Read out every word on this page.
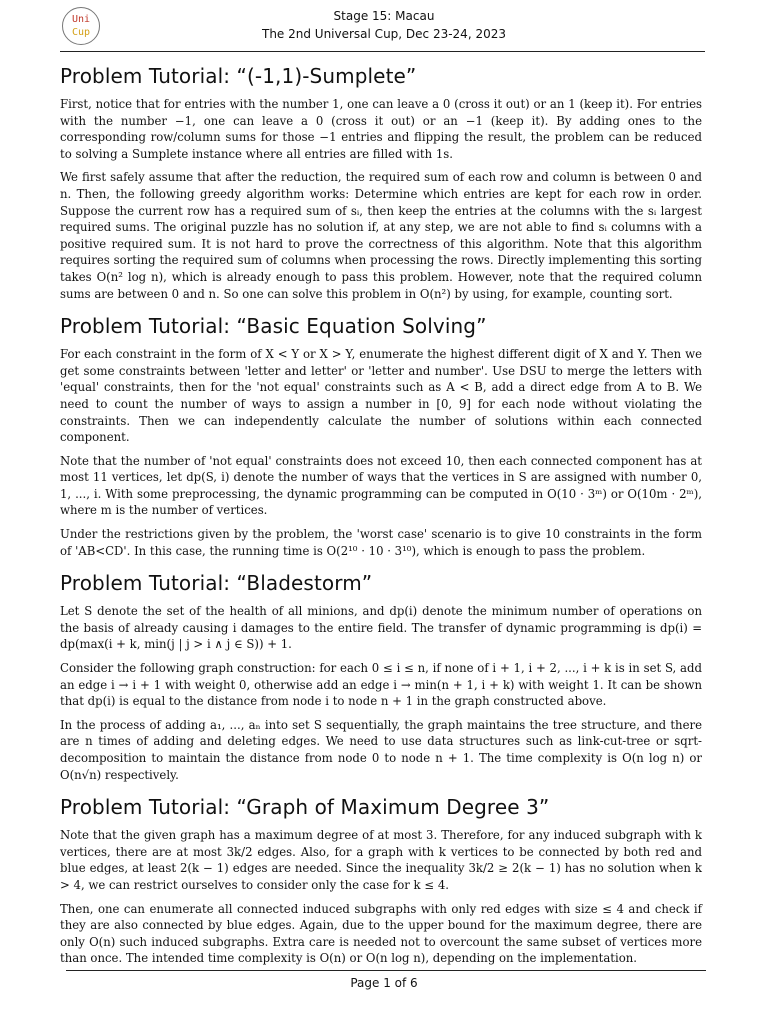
Uni
Cup
Stage 15: Macau
The 2nd Universal Cup, Dec 23-24, 2023
Problem Tutorial: “(-1,1)-Sumplete”

First, notice that for entries with the number 1, one can leave a 0 (cross it out) or an 1 (keep it). For entries with the number −1, one can leave a 0 (cross it out) or an −1 (keep it). By adding ones to the corresponding row/column sums for those −1 entries and flipping the result, the problem can be reduced to solving a Sumplete instance where all entries are filled with 1s.

We first safely assume that after the reduction, the required sum of each row and column is between 0 and n. Then, the following greedy algorithm works: Determine which entries are kept for each row in order. Suppose the current row has a required sum of sᵢ, then keep the entries at the columns with the sᵢ largest required sums. The original puzzle has no solution if, at any step, we are not able to find sᵢ columns with a positive required sum. It is not hard to prove the correctness of this algorithm. Note that this algorithm requires sorting the required sum of columns when processing the rows. Directly implementing this sorting takes O(n² log n), which is already enough to pass this problem. However, note that the required column sums are between 0 and n. So one can solve this problem in O(n²) by using, for example, counting sort.

Problem Tutorial: “Basic Equation Solving”

For each constraint in the form of X < Y or X > Y, enumerate the highest different digit of X and Y. Then we get some constraints between 'letter and letter' or 'letter and number'. Use DSU to merge the letters with 'equal' constraints, then for the 'not equal' constraints such as A < B, add a direct edge from A to B. We need to count the number of ways to assign a number in [0, 9] for each node without violating the constraints. Then we can independently calculate the number of solutions within each connected component.

Note that the number of 'not equal' constraints does not exceed 10, then each connected component has at most 11 vertices, let dp(S, i) denote the number of ways that the vertices in S are assigned with number 0, 1, ..., i. With some preprocessing, the dynamic programming can be computed in O(10 · 3ᵐ) or O(10m · 2ᵐ), where m is the number of vertices.

Under the restrictions given by the problem, the 'worst case' scenario is to give 10 constraints in the form of 'AB<CD'. In this case, the running time is O(2¹⁰ · 10 · 3¹⁰), which is enough to pass the problem.

Problem Tutorial: “Bladestorm”

Let S denote the set of the health of all minions, and dp(i) denote the minimum number of operations on the basis of already causing i damages to the entire field. The transfer of dynamic programming is dp(i) = dp(max(i + k, min(j | j > i ∧ j ∈ S)) + 1.

Consider the following graph construction: for each 0 ≤ i ≤ n, if none of i + 1, i + 2, ..., i + k is in set S, add an edge i → i + 1 with weight 0, otherwise add an edge i → min(n + 1, i + k) with weight 1. It can be shown that dp(i) is equal to the distance from node i to node n + 1 in the graph constructed above.

In the process of adding a₁, ..., aₙ into set S sequentially, the graph maintains the tree structure, and there are n times of adding and deleting edges. We need to use data structures such as link-cut-tree or sqrt-decomposition to maintain the distance from node 0 to node n + 1. The time complexity is O(n log n) or O(n√n) respectively.

Problem Tutorial: “Graph of Maximum Degree 3”

Note that the given graph has a maximum degree of at most 3. Therefore, for any induced subgraph with k vertices, there are at most 3k/2 edges. Also, for a graph with k vertices to be connected by both red and blue edges, at least 2(k − 1) edges are needed. Since the inequality 3k/2 ≥ 2(k − 1) has no solution when k > 4, we can restrict ourselves to consider only the case for k ≤ 4.

Then, one can enumerate all connected induced subgraphs with only red edges with size ≤ 4 and check if they are also connected by blue edges. Again, due to the upper bound for the maximum degree, there are only O(n) such induced subgraphs. Extra care is needed not to overcount the same subset of vertices more than once. The intended time complexity is O(n) or O(n log n), depending on the implementation.

Page 1 of 6
